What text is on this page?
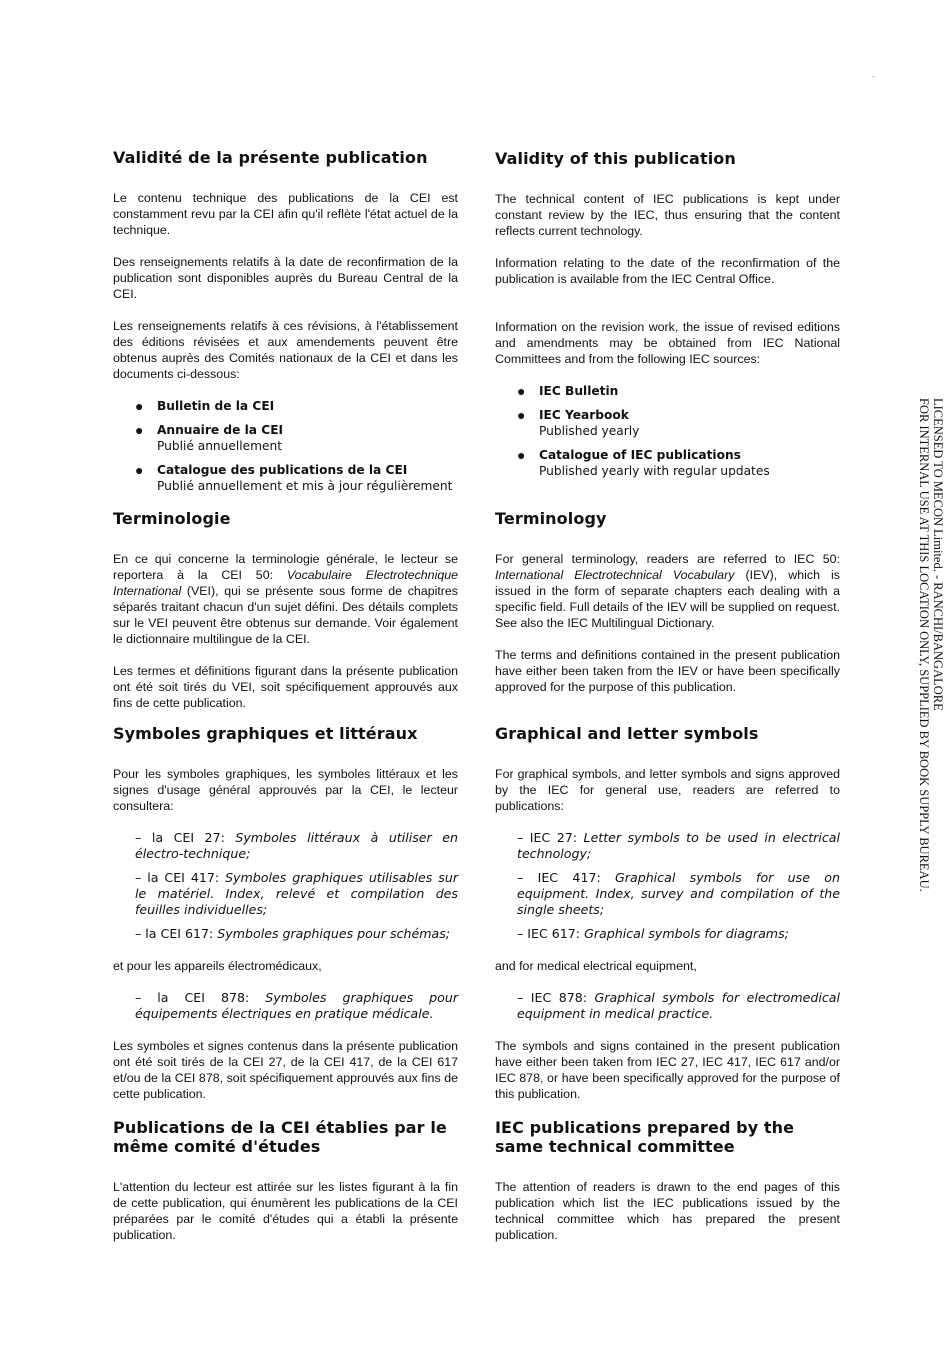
Validité de la présente publication

Le contenu technique des publications de la CEI est constamment revu par la CEI afin qu'il reflète l'état actuel de la technique.

Des renseignements relatifs à la date de reconfirmation de la publication sont disponibles auprès du Bureau Central de la CEI.

Les renseignements relatifs à ces révisions, à l'établissement des éditions révisées et aux amendements peuvent être obtenus auprès des Comités nationaux de la CEI et dans les documents ci-dessous:

● Bulletin de la CEI
● Annuaire de la CEI
Publié annuellement
● Catalogue des publications de la CEI
Publié annuellement et mis à jour régulièrement
Terminologie

En ce qui concerne la terminologie générale, le lecteur se reportera à la CEI 50: Vocabulaire Electrotechnique International (VEI), qui se présente sous forme de chapitres séparés traitant chacun d'un sujet défini. Des détails complets sur le VEI peuvent être obtenus sur demande. Voir également le dictionnaire multilingue de la CEI.

Les termes et définitions figurant dans la présente publication ont été soit tirés du VEI, soit spécifiquement approuvés aux fins de cette publication.

Symboles graphiques et littéraux

Pour les symboles graphiques, les symboles littéraux et les signes d'usage général approuvés par la CEI, le lecteur consultera:

– la CEI 27: Symboles littéraux à utiliser en électro-technique;
– la CEI 417: Symboles graphiques utilisables sur le matériel. Index, relevé et compilation des feuilles individuelles;
– la CEI 617: Symboles graphiques pour schémas;

et pour les appareils électromédicaux,

– la CEI 878: Symboles graphiques pour équipements électriques en pratique médicale.

Les symboles et signes contenus dans la présente publication ont été soit tirés de la CEI 27, de la CEI 417, de la CEI 617 et/ou de la CEI 878, soit spécifiquement approuvés aux fins de cette publication.

Publications de la CEI établies par le même comité d'études

L'attention du lecteur est attirée sur les listes figurant à la fin de cette publication, qui énumèrent les publications de la CEI préparées par le comité d'études qui a établi la présente publication.

Validity of this publication

The technical content of IEC publications is kept under constant review by the IEC, thus ensuring that the content reflects current technology.

Information relating to the date of the reconfirmation of the publication is available from the IEC Central Office.

Information on the revision work, the issue of revised editions and amendments may be obtained from IEC National Committees and from the following IEC sources:

● IEC Bulletin
● IEC Yearbook
Published yearly
● Catalogue of IEC publications
Published yearly with regular updates
Terminology

For general terminology, readers are referred to IEC 50: International Electrotechnical Vocabulary (IEV), which is issued in the form of separate chapters each dealing with a specific field. Full details of the IEV will be supplied on request. See also the IEC Multilingual Dictionary.

The terms and definitions contained in the present publication have either been taken from the IEV or have been specifically approved for the purpose of this publication.

Graphical and letter symbols

For graphical symbols, and letter symbols and signs approved by the IEC for general use, readers are referred to publications:

– IEC 27: Letter symbols to be used in electrical technology;
– IEC 417: Graphical symbols for use on equipment. Index, survey and compilation of the single sheets;
– IEC 617: Graphical symbols for diagrams;

and for medical electrical equipment,

– IEC 878: Graphical symbols for electromedical equipment in medical practice.

The symbols and signs contained in the present publication have either been taken from IEC 27, IEC 417, IEC 617 and/or IEC 878, or have been specifically approved for the purpose of this publication.

IEC publications prepared by the same technical committee

The attention of readers is drawn to the end pages of this publication which list the IEC publications issued by the technical committee which has prepared the present publication.

LICENSED TO MECON Limited. - RANCHI/BANGALORE
FOR INTERNAL USE AT THIS LOCATION ONLY, SUPPLIED BY BOOK SUPPLY BUREAU.
